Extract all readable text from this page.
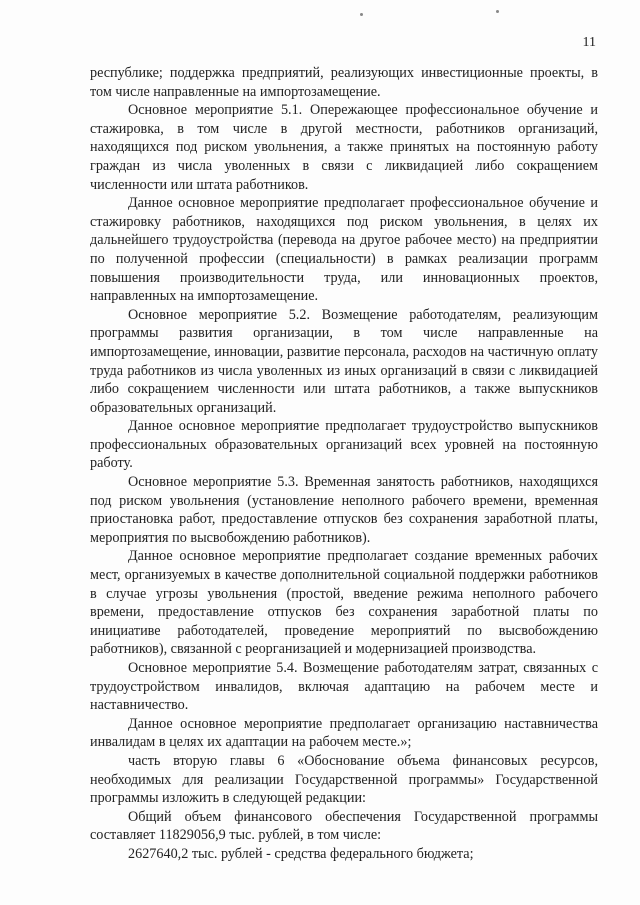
11

республике; поддержка предприятий, реализующих инвестиционные проекты, в том числе направленные на импортозамещение.

Основное мероприятие 5.1. Опережающее профессиональное обучение и стажировка, в том числе в другой местности, работников организаций, находящихся под риском увольнения, а также принятых на постоянную работу граждан из числа уволенных в связи с ликвидацией либо сокращением численности или штата работников.

Данное основное мероприятие предполагает профессиональное обучение и стажировку работников, находящихся под риском увольнения, в целях их дальнейшего трудоустройства (перевода на другое рабочее место) на предприятии по полученной профессии (специальности) в рамках реализации программ повышения производительности труда, или инновационных проектов, направленных на импортозамещение.

Основное мероприятие 5.2. Возмещение работодателям, реализующим программы развития организации, в том числе направленные на импортозамещение, инновации, развитие персонала, расходов на частичную оплату труда работников из числа уволенных из иных организаций в связи с ликвидацией либо сокращением численности или штата работников, а также выпускников образовательных организаций.

Данное основное мероприятие предполагает трудоустройство выпускников профессиональных образовательных организаций всех уровней на постоянную работу.

Основное мероприятие 5.3. Временная занятость работников, находящихся под риском увольнения (установление неполного рабочего времени, временная приостановка работ, предоставление отпусков без сохранения заработной платы, мероприятия по высвобождению работников).

Данное основное мероприятие предполагает создание временных рабочих мест, организуемых в качестве дополнительной социальной поддержки работников в случае угрозы увольнения (простой, введение режима неполного рабочего времени, предоставление отпусков без сохранения заработной платы по инициативе работодателей, проведение мероприятий по высвобождению работников), связанной с реорганизацией и модернизацией производства.

Основное мероприятие 5.4. Возмещение работодателям затрат, связанных с трудоустройством инвалидов, включая адаптацию на рабочем месте и наставничество.

Данное основное мероприятие предполагает организацию наставничества инвалидам в целях их адаптации на рабочем месте.»;

часть вторую главы 6 «Обоснование объема финансовых ресурсов, необходимых для реализации Государственной программы» Государственной программы изложить в следующей редакции:

Общий объем финансового обеспечения Государственной программы составляет 11829056,9 тыс. рублей, в том числе:

2627640,2 тыс. рублей - средства федерального бюджета;
